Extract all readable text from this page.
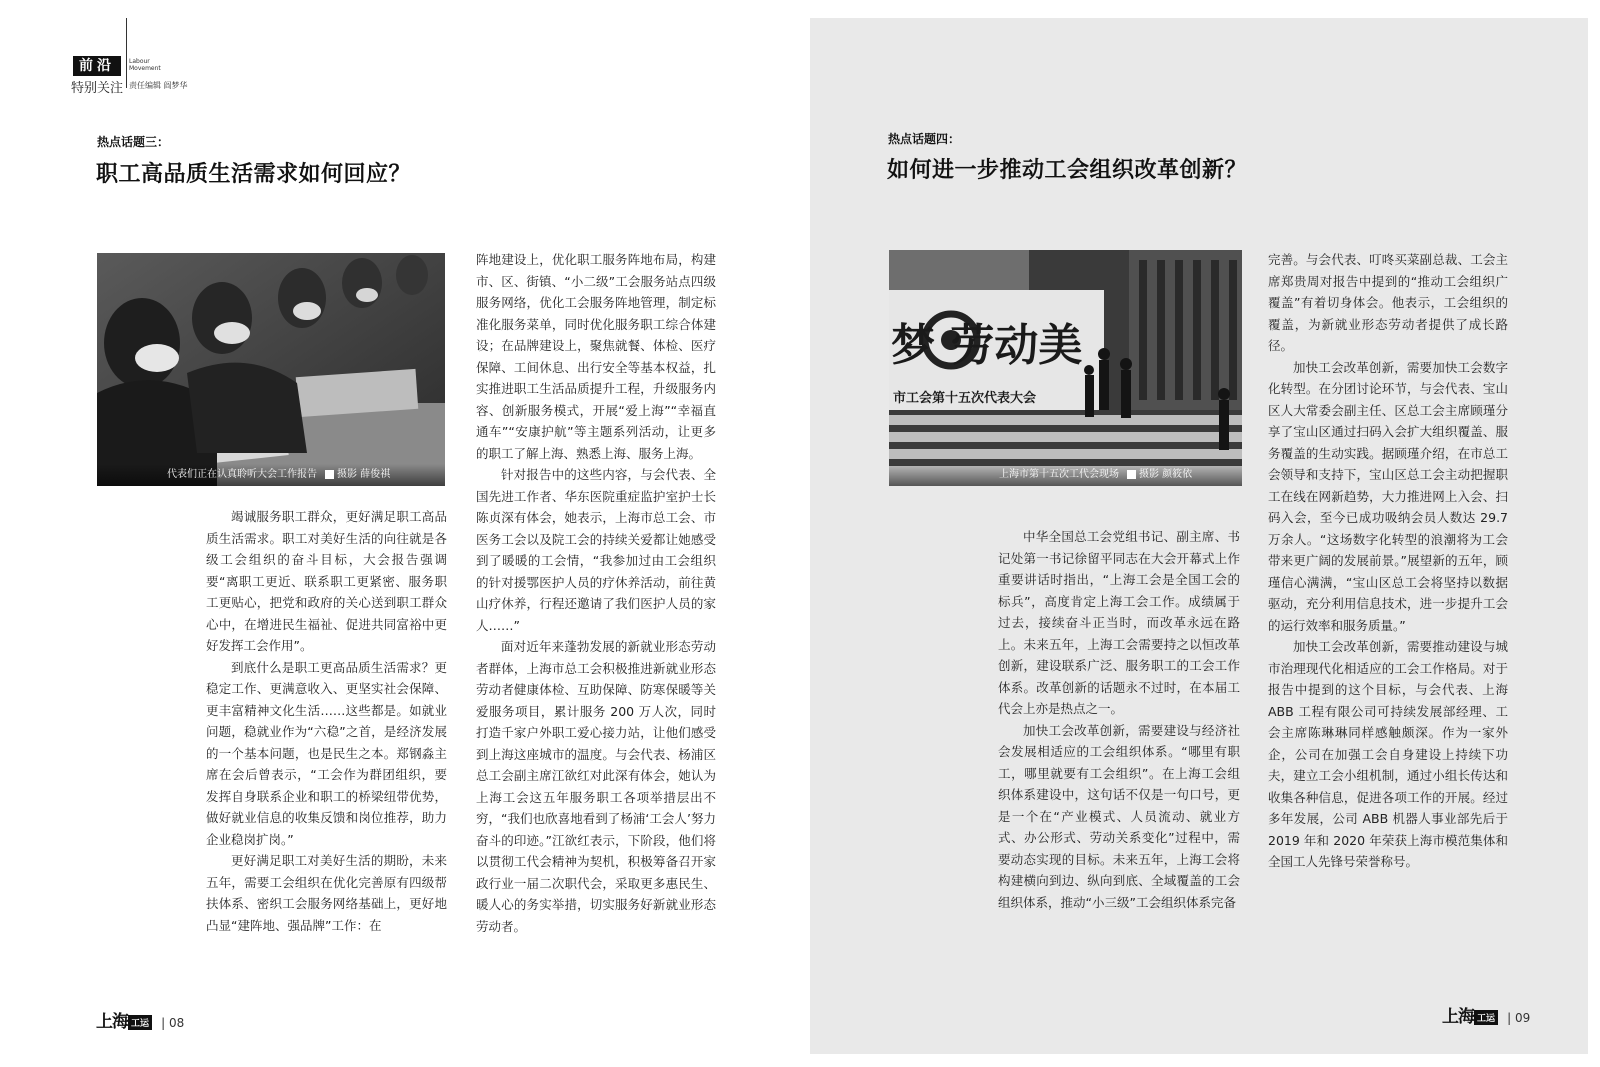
前沿
特别关注
Labour
Movement
责任编辑 阎梦华
热点话题三：
职工高品质生活需求如何回应？
代表们正在认真聆听大会工作报告 摄影 薛俊祺

竭诚服务职工群众，更好满足职工高品质生活需求。职工对美好生活的向往就是各级工会组织的奋斗目标，大会报告强调要“离职工更近、联系职工更紧密、服务职工更贴心，把党和政府的关心送到职工群众心中，在增进民生福祉、促进共同富裕中更好发挥工会作用”。

到底什么是职工更高品质生活需求？更稳定工作、更满意收入、更坚实社会保障、更丰富精神文化生活……这些都是。如就业问题，稳就业作为“六稳”之首，是经济发展的一个基本问题，也是民生之本。郑钢淼主席在会后曾表示，“工会作为群团组织，要发挥自身联系企业和职工的桥梁纽带优势，做好就业信息的收集反馈和岗位推荐，助力企业稳岗扩岗。”

更好满足职工对美好生活的期盼，未来五年，需要工会组织在优化完善原有四级帮扶体系、密织工会服务网络基础上，更好地凸显“建阵地、强品牌”工作：在

阵地建设上，优化职工服务阵地布局，构建市、区、街镇、“小二级”工会服务站点四级服务网络，优化工会服务阵地管理，制定标准化服务菜单，同时优化服务职工综合体建设；在品牌建设上，聚焦就餐、体检、医疗保障、工间休息、出行安全等基本权益，扎实推进职工生活品质提升工程，升级服务内容、创新服务模式，开展“爱上海”“幸福直通车”“安康护航”等主题系列活动，让更多的职工了解上海、熟悉上海、服务上海。

针对报告中的这些内容，与会代表、全国先进工作者、华东医院重症监护室护士长陈贞深有体会，她表示，上海市总工会、市医务工会以及院工会的持续关爱都让她感受到了暖暖的工会情，“我参加过由工会组织的针对援鄂医护人员的疗休养活动，前往黄山疗休养，行程还邀请了我们医护人员的家人……”

面对近年来蓬勃发展的新就业形态劳动者群体，上海市总工会积极推进新就业形态劳动者健康体检、互助保障、防寒保暖等关爱服务项目，累计服务 200 万人次，同时打造千家户外职工爱心接力站，让他们感受到上海这座城市的温度。与会代表、杨浦区总工会副主席江欲红对此深有体会，她认为上海工会这五年服务职工各项举措层出不穷，“我们也欣喜地看到了杨浦‘工会人’努力奋斗的印迹。”江欲红表示，下阶段，他们将以贯彻工代会精神为契机，积极筹备召开家政行业一届二次职代会，采取更多惠民生、暖人心的务实举措，切实服务好新就业形态劳动者。

上海 工运 | 08
热点话题四：
如何进一步推动工会组织改革创新？
梦 劳动美
市工会第十五次代表大会
上海市第十五次工代会现场 摄影 颜筱依

中华全国总工会党组书记、副主席、书记处第一书记徐留平同志在大会开幕式上作重要讲话时指出，“上海工会是全国工会的标兵”，高度肯定上海工会工作。成绩属于过去，接续奋斗正当时，而改革永远在路上。未来五年，上海工会需要持之以恒改革创新，建设联系广泛、服务职工的工会工作体系。改革创新的话题永不过时，在本届工代会上亦是热点之一。

加快工会改革创新，需要建设与经济社会发展相适应的工会组织体系。“哪里有职工，哪里就要有工会组织”。在上海工会组织体系建设中，这句话不仅是一句口号，更是一个在“产业模式、人员流动、就业方式、办公形式、劳动关系变化”过程中，需要动态实现的目标。未来五年，上海工会将构建横向到边、纵向到底、全域覆盖的工会组织体系，推动“小三级”工会组织体系完备

完善。与会代表、叮咚买菜副总裁、工会主席郑贵周对报告中提到的“推动工会组织广覆盖”有着切身体会。他表示，工会组织的覆盖，为新就业形态劳动者提供了成长路径。

加快工会改革创新，需要加快工会数字化转型。在分团讨论环节，与会代表、宝山区人大常委会副主任、区总工会主席顾瑾分享了宝山区通过扫码入会扩大组织覆盖、服务覆盖的生动实践。据顾瑾介绍，在市总工会领导和支持下，宝山区总工会主动把握职工在线在网新趋势，大力推进网上入会、扫码入会，至今已成功吸纳会员人数达 29.7 万余人。“这场数字化转型的浪潮将为工会带来更广阔的发展前景。”展望新的五年，顾瑾信心满满，“宝山区总工会将坚持以数据驱动，充分利用信息技术，进一步提升工会的运行效率和服务质量。”

加快工会改革创新，需要推动建设与城市治理现代化相适应的工会工作格局。对于报告中提到的这个目标，与会代表、上海 ABB 工程有限公司可持续发展部经理、工会主席陈琳琳同样感触颇深。作为一家外企，公司在加强工会自身建设上持续下功夫，建立工会小组机制，通过小组长传达和收集各种信息，促进各项工作的开展。经过多年发展，公司 ABB 机器人事业部先后于 2019 年和 2020 年荣获上海市模范集体和全国工人先锋号荣誉称号。

上海 工运 | 09
